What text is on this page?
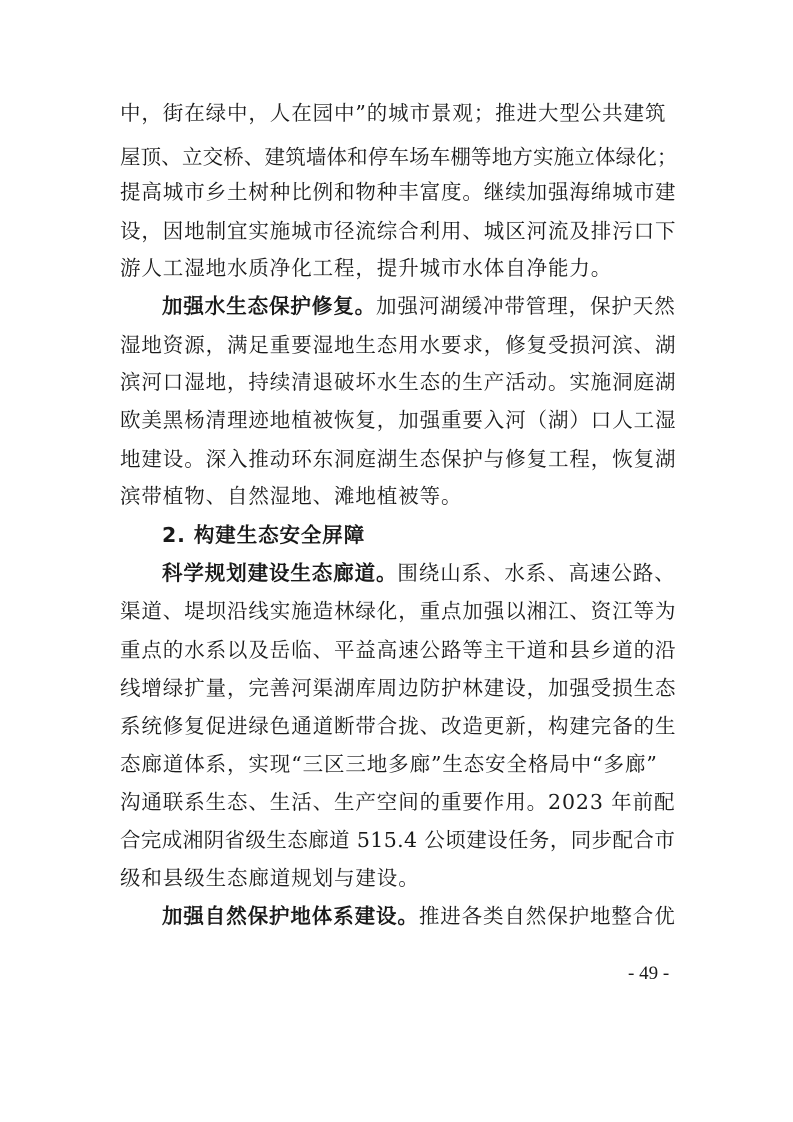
中，街在绿中，人在园中”的城市景观；推进大型公共建筑
屋顶、立交桥、建筑墙体和停车场车棚等地方实施立体绿化；
提高城市乡土树种比例和物种丰富度。继续加强海绵城市建
设，因地制宜实施城市径流综合利用、城区河流及排污口下
游人工湿地水质净化工程，提升城市水体自净能力。
加强水生态保护修复。加强河湖缓冲带管理，保护天然
湿地资源，满足重要湿地生态用水要求，修复受损河滨、湖
滨河口湿地，持续清退破坏水生态的生产活动。实施洞庭湖
欧美黑杨清理迹地植被恢复，加强重要入河（湖）口人工湿
地建设。深入推动环东洞庭湖生态保护与修复工程，恢复湖
滨带植物、自然湿地、滩地植被等。
2. 构建生态安全屏障
科学规划建设生态廊道。围绕山系、水系、高速公路、
渠道、堤坝沿线实施造林绿化，重点加强以湘江、资江等为
重点的水系以及岳临、平益高速公路等主干道和县乡道的沿
线增绿扩量，完善河渠湖库周边防护林建设，加强受损生态
系统修复促进绿色通道断带合拢、改造更新，构建完备的生
态廊道体系，实现“三区三地多廊”生态安全格局中“多廊”
沟通联系生态、生活、生产空间的重要作用。2023 年前配
合完成湘阴省级生态廊道 515.4 公顷建设任务，同步配合市
级和县级生态廊道规划与建设。
加强自然保护地体系建设。推进各类自然保护地整合优
- 49 -
